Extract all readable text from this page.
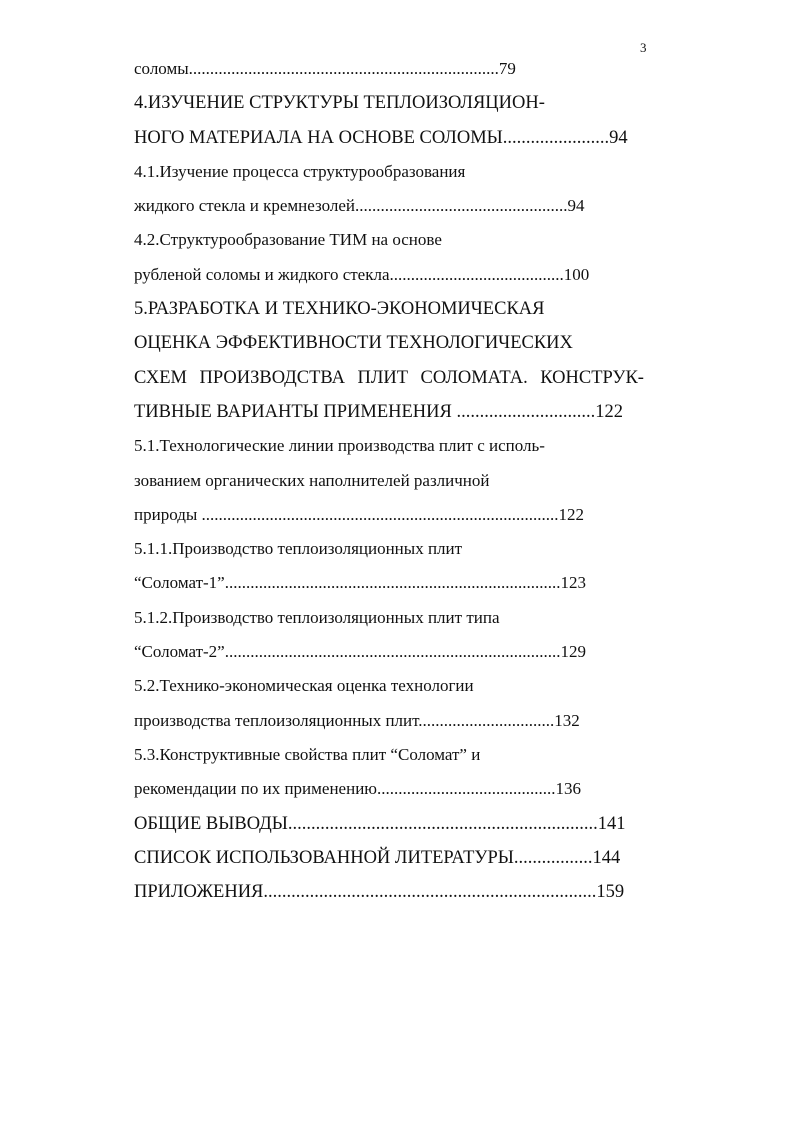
3
соломы.........................................................................79
4.ИЗУЧЕНИЕ СТРУКТУРЫ ТЕПЛОИЗОЛЯЦИОН-
НОГО МАТЕРИАЛА НА ОСНОВЕ СОЛОМЫ.......................94
4.1.Изучение процесса структурообразования
жидкого стекла и кремнезолей..................................................94
4.2.Структурообразование ТИМ на основе
рубленой соломы и жидкого стекла.........................................100
5.РАЗРАБОТКА И ТЕХНИКО-ЭКОНОМИЧЕСКАЯ
ОЦЕНКА ЭФФЕКТИВНОСТИ ТЕХНОЛОГИЧЕСКИХ
СХЕМ ПРОИЗВОДСТВА ПЛИТ СОЛОМАТА. КОНСТРУК-
ТИВНЫЕ ВАРИАНТЫ ПРИМЕНЕНИЯ ..............................122
5.1.Технологические линии производства плит с исполь-
зованием органических наполнителей различной
природы ....................................................................................122
5.1.1.Производство теплоизоляционных плит
“Соломат-1”...............................................................................123
5.1.2.Производство теплоизоляционных плит типа
“Соломат-2”...............................................................................129
5.2.Технико-экономическая оценка технологии
производства теплоизоляционных плит................................132
5.3.Конструктивные свойства плит “Соломат” и
рекомендации по их применению..........................................136
ОБЩИЕ ВЫВОДЫ...................................................................141
СПИСОК ИСПОЛЬЗОВАННОЙ ЛИТЕРАТУРЫ.................144
ПРИЛОЖЕНИЯ........................................................................159
